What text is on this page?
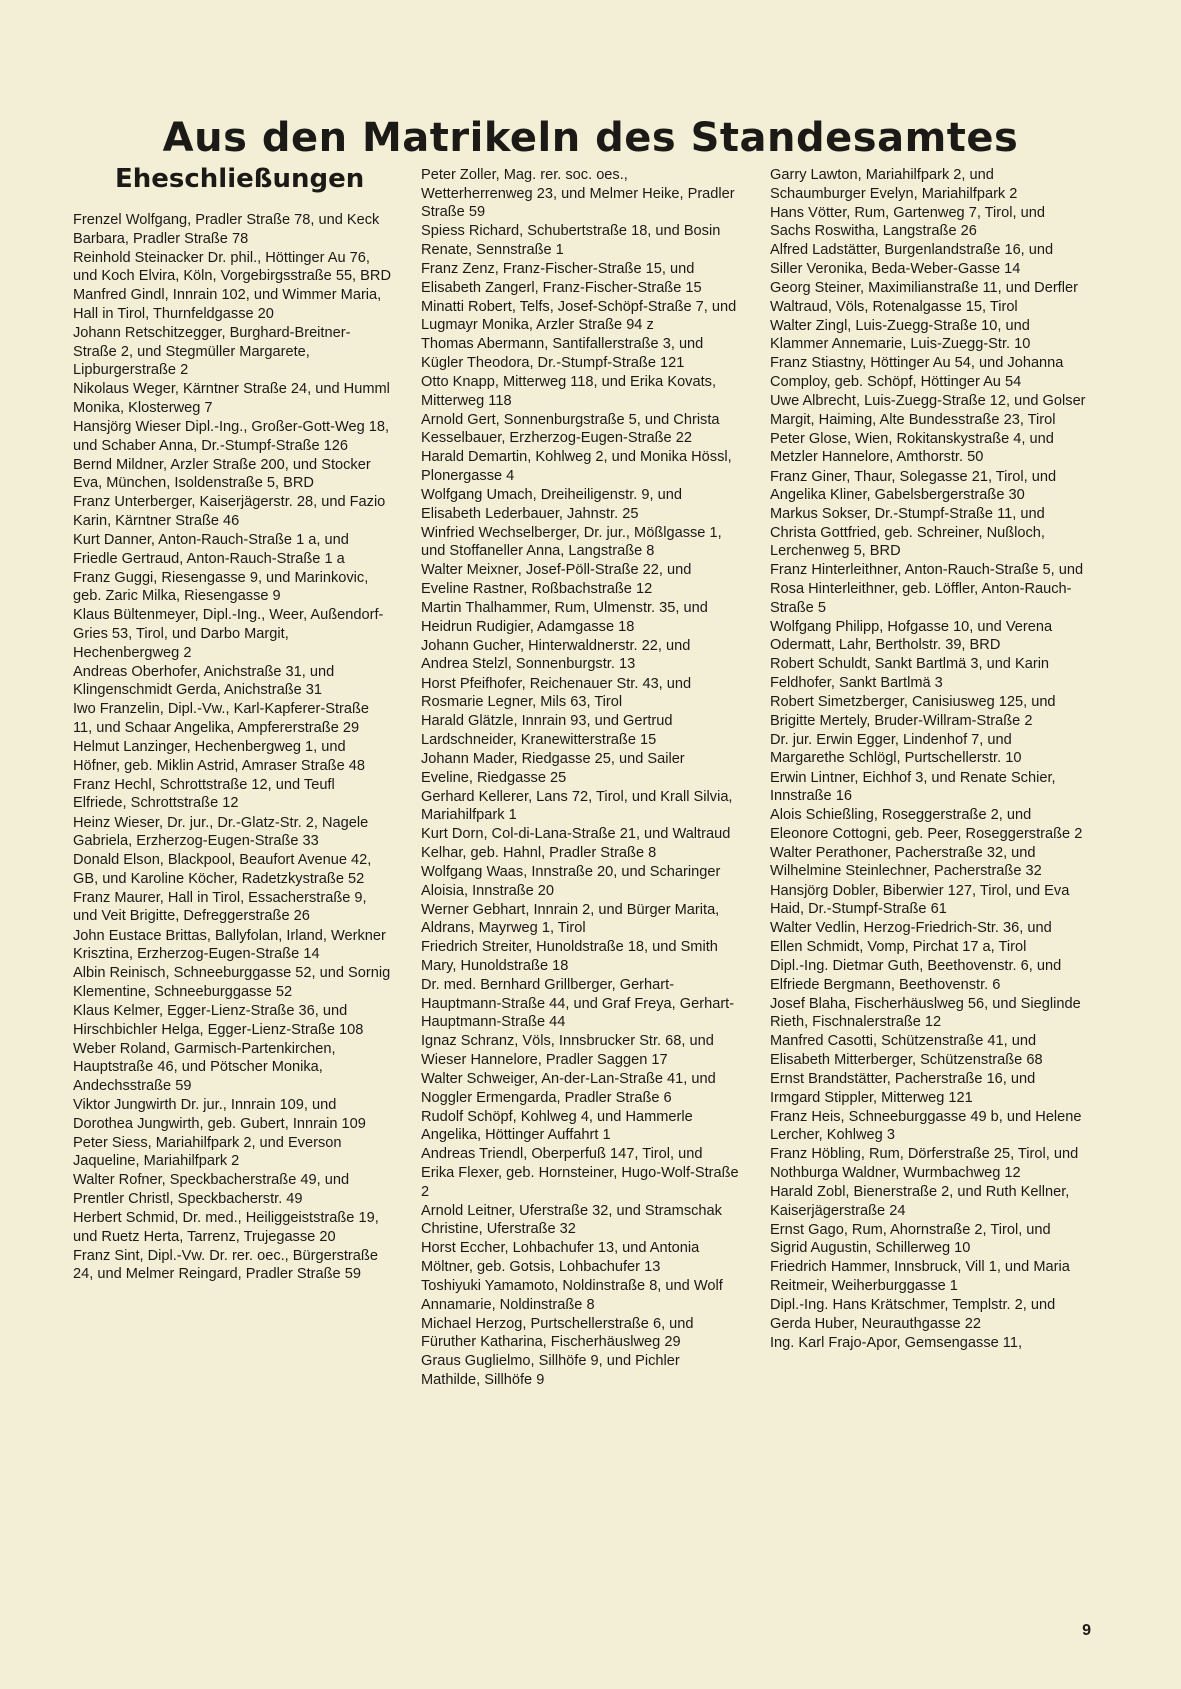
Aus den Matrikeln des Standesamtes
Eheschließungen
Frenzel Wolfgang, Pradler Straße 78, und Keck Barbara, Pradler Straße 78
Reinhold Steinacker Dr. phil., Höttinger Au 76, und Koch Elvira, Köln, Vorgebirgsstraße 55, BRD
Manfred Gindl, Innrain 102, und Wimmer Maria, Hall in Tirol, Thurnfeldgasse 20
Johann Retschitzegger, Burghard-Breitner-Straße 2, und Stegmüller Margarete, Lipburgerstraße 2
Nikolaus Weger, Kärntner Straße 24, und Humml Monika, Klosterweg 7
Hansjörg Wieser Dipl.-Ing., Großer-Gott-Weg 18, und Schaber Anna, Dr.-Stumpf-Straße 126
Bernd Mildner, Arzler Straße 200, und Stocker Eva, München, Isoldenstraße 5, BRD
Franz Unterberger, Kaiserjägerstr. 28, und Fazio Karin, Kärntner Straße 46
Kurt Danner, Anton-Rauch-Straße 1 a, und Friedle Gertraud, Anton-Rauch-Straße 1 a
Franz Guggi, Riesengasse 9, und Marinkovic, geb. Zaric Milka, Riesengasse 9
Klaus Bültenmeyer, Dipl.-Ing., Weer, Außendorf-Gries 53, Tirol, und Darbo Margit, Hechenbergweg 2
Andreas Oberhofer, Anichstraße 31, und Klingenschmidt Gerda, Anichstraße 31
Iwo Franzelin, Dipl.-Vw., Karl-Kapferer-Straße 11, und Schaar Angelika, Ampfererstraße 29
Helmut Lanzinger, Hechenbergweg 1, und Höfner, geb. Miklin Astrid, Amraser Straße 48
Franz Hechl, Schrottstraße 12, und Teufl Elfriede, Schrottstraße 12
Heinz Wieser, Dr. jur., Dr.-Glatz-Str. 2, Nagele Gabriela, Erzherzog-Eugen-Straße 33
Donald Elson, Blackpool, Beaufort Avenue 42, GB, und Karoline Köcher, Radetzkystraße 52
Franz Maurer, Hall in Tirol, Essacherstraße 9, und Veit Brigitte, Defreggerstraße 26
John Eustace Brittas, Ballyfolan, Irland, Werkner Krisztina, Erzherzog-Eugen-Straße 14
Albin Reinisch, Schneeburggasse 52, und Sornig Klementine, Schneeburggasse 52
Klaus Kelmer, Egger-Lienz-Straße 36, und Hirschbichler Helga, Egger-Lienz-Straße 108
Weber Roland, Garmisch-Partenkirchen, Hauptstraße 46, und Pötscher Monika, Andechsstraße 59
Viktor Jungwirth Dr. jur., Innrain 109, und Dorothea Jungwirth, geb. Gubert, Innrain 109
Peter Siess, Mariahilfpark 2, und Everson Jaqueline, Mariahilfpark 2
Walter Rofner, Speckbacherstraße 49, und Prentler Christl, Speckbacherstr. 49
Herbert Schmid, Dr. med., Heiliggeiststraße 19, und Ruetz Herta, Tarrenz, Trujegasse 20
Franz Sint, Dipl.-Vw. Dr. rer. oec., Bürgerstraße 24, und Melmer Reingard, Pradler Straße 59
Peter Zoller, Mag. rer. soc. oes., Wetterherrenweg 23, und Melmer Heike, Pradler Straße 59
Spiess Richard, Schubertstraße 18, und Bosin Renate, Sennstraße 1
Franz Zenz, Franz-Fischer-Straße 15, und Elisabeth Zangerl, Franz-Fischer-Straße 15
Minatti Robert, Telfs, Josef-Schöpf-Straße 7, und Lugmayr Monika, Arzler Straße 94 z
Thomas Abermann, Santifallerstraße 3, und Kügler Theodora, Dr.-Stumpf-Straße 121
Otto Knapp, Mitterweg 118, und Erika Kovats, Mitterweg 118
Arnold Gert, Sonnenburgstraße 5, und Christa Kesselbauer, Erzherzog-Eugen-Straße 22
Harald Demartin, Kohlweg 2, und Monika Hössl, Plonergasse 4
Wolfgang Umach, Dreiheiligenstr. 9, und Elisabeth Lederbauer, Jahnstr. 25
Winfried Wechselberger, Dr. jur., Mößlgasse 1, und Stoffaneller Anna, Langstraße 8
Walter Meixner, Josef-Pöll-Straße 22, und Eveline Rastner, Roßbachstraße 12
Martin Thalhammer, Rum, Ulmenstr. 35, und Heidrun Rudigier, Adamgasse 18
Johann Gucher, Hinterwaldnerstr. 22, und Andrea Stelzl, Sonnenburgstr. 13
Horst Pfeifhofer, Reichenauer Str. 43, und Rosmarie Legner, Mils 63, Tirol
Harald Glätzle, Innrain 93, und Gertrud Lardschneider, Kranewitterstraße 15
Johann Mader, Riedgasse 25, und Sailer Eveline, Riedgasse 25
Gerhard Kellerer, Lans 72, Tirol, und Krall Silvia, Mariahilfpark 1
Kurt Dorn, Col-di-Lana-Straße 21, und Waltraud Kelhar, geb. Hahnl, Pradler Straße 8
Wolfgang Waas, Innstraße 20, und Scharinger Aloisia, Innstraße 20
Werner Gebhart, Innrain 2, und Bürger Marita, Aldrans, Mayrweg 1, Tirol
Friedrich Streiter, Hunoldstraße 18, und Smith Mary, Hunoldstraße 18
Dr. med. Bernhard Grillberger, Gerhart-Hauptmann-Straße 44, und Graf Freya, Gerhart-Hauptmann-Straße 44
Ignaz Schranz, Völs, Innsbrucker Str. 68, und Wieser Hannelore, Pradler Saggen 17
Walter Schweiger, An-der-Lan-Straße 41, und Noggler Ermengarda, Pradler Straße 6
Rudolf Schöpf, Kohlweg 4, und Hammerle Angelika, Höttinger Auffahrt 1
Andreas Triendl, Oberperfuß 147, Tirol, und Erika Flexer, geb. Hornsteiner, Hugo-Wolf-Straße 2
Arnold Leitner, Uferstraße 32, und Stramschak Christine, Uferstraße 32
Horst Eccher, Lohbachufer 13, und Antonia Möltner, geb. Gotsis, Lohbachufer 13
Toshiyuki Yamamoto, Noldinstraße 8, und Wolf Annamarie, Noldinstraße 8
Michael Herzog, Purtschellerstraße 6, und Füruther Katharina, Fischerhäuslweg 29
Graus Guglielmo, Sillhöfe 9, und Pichler Mathilde, Sillhöfe 9
Garry Lawton, Mariahilfpark 2, und Schaumburger Evelyn, Mariahilfpark 2
Hans Vötter, Rum, Gartenweg 7, Tirol, und Sachs Roswitha, Langstraße 26
Alfred Ladstätter, Burgenlandstraße 16, und Siller Veronika, Beda-Weber-Gasse 14
Georg Steiner, Maximilianstraße 11, und Derfler Waltraud, Völs, Rotenalgasse 15, Tirol
Walter Zingl, Luis-Zuegg-Straße 10, und Klammer Annemarie, Luis-Zuegg-Str. 10
Franz Stiastny, Höttinger Au 54, und Johanna Comploy, geb. Schöpf, Höttinger Au 54
Uwe Albrecht, Luis-Zuegg-Straße 12, und Golser Margit, Haiming, Alte Bundesstraße 23, Tirol
Peter Glose, Wien, Rokitanskystraße 4, und Metzler Hannelore, Amthorstr. 50
Franz Giner, Thaur, Solegasse 21, Tirol, und Angelika Kliner, Gabelsbergerstraße 30
Markus Sokser, Dr.-Stumpf-Straße 11, und Christa Gottfried, geb. Schreiner, Nußloch, Lerchenweg 5, BRD
Franz Hinterleithner, Anton-Rauch-Straße 5, und Rosa Hinterleithner, geb. Löffler, Anton-Rauch-Straße 5
Wolfgang Philipp, Hofgasse 10, und Verena Odermatt, Lahr, Bertholstr. 39, BRD
Robert Schuldt, Sankt Bartlmä 3, und Karin Feldhofer, Sankt Bartlmä 3
Robert Simetzberger, Canisiusweg 125, und Brigitte Mertely, Bruder-Willram-Straße 2
Dr. jur. Erwin Egger, Lindenhof 7, und Margarethe Schlögl, Purtschellerstr. 10
Erwin Lintner, Eichhof 3, und Renate Schier, Innstraße 16
Alois Schießling, Roseggerstraße 2, und Eleonore Cottogni, geb. Peer, Roseggerstraße 2
Walter Perathoner, Pacherstraße 32, und Wilhelmine Steinlechner, Pacherstraße 32
Hansjörg Dobler, Biberwier 127, Tirol, und Eva Haid, Dr.-Stumpf-Straße 61
Walter Vedlin, Herzog-Friedrich-Str. 36, und Ellen Schmidt, Vomp, Pirchat 17 a, Tirol
Dipl.-Ing. Dietmar Guth, Beethovenstr. 6, und Elfriede Bergmann, Beethovenstr. 6
Josef Blaha, Fischerhäuslweg 56, und Sieglinde Rieth, Fischnalerstraße 12
Manfred Casotti, Schützenstraße 41, und Elisabeth Mitterberger, Schützenstraße 68
Ernst Brandstätter, Pacherstraße 16, und Irmgard Stippler, Mitterweg 121
Franz Heis, Schneeburggasse 49 b, und Helene Lercher, Kohlweg 3
Franz Höbling, Rum, Dörferstraße 25, Tirol, und Nothburga Waldner, Wurmbachweg 12
Harald Zobl, Bienerstraße 2, und Ruth Kellner, Kaiserjägerstraße 24
Ernst Gago, Rum, Ahornstraße 2, Tirol, und Sigrid Augustin, Schillerweg 10
Friedrich Hammer, Innsbruck, Vill 1, und Maria Reitmeir, Weiherburggasse 1
Dipl.-Ing. Hans Krätschmer, Templstr. 2, und Gerda Huber, Neurauthgasse 22
Ing. Karl Frajo-Apor, Gemsengasse 11,
9
